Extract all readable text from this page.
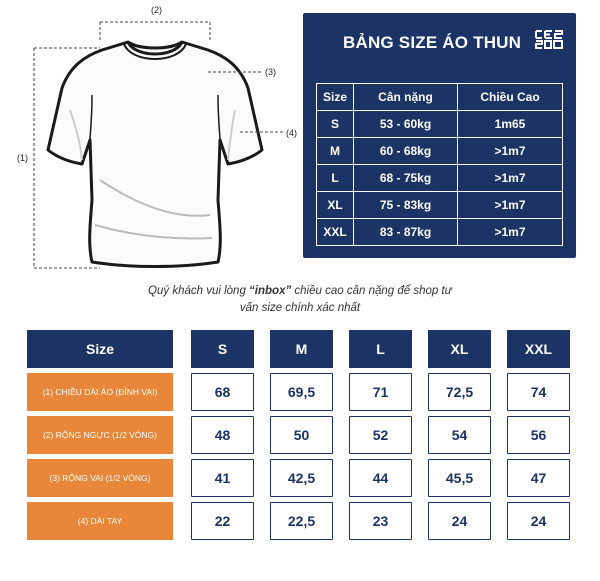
(1)
(2)
(3)
(4)
BẢNG SIZE ÁO THUN
Size	Cân nặng	Chiều Cao
S	53 - 60kg	1m65
M	60 - 68kg	>1m7
L	68 - 75kg	>1m7
XL	75 - 83kg	>1m7
XXL	83 - 87kg	>1m7
Quý khách vui lòng “inbox” chiều cao cân nặng để shop tư
vấn size chính xác nhất
Size	S	M	L	XL	XXL
(1) CHIỀU DÀI ÁO (ĐỈNH VAI)	68	69,5	71	72,5	74
(2) RỘNG NGỰC (1/2 VÒNG)	48	50	52	54	56
(3) RỘNG VAI (1/2 VÒNG)	41	42,5	44	45,5	47
(4) DÀI TAY	22	22,5	23	24	24
